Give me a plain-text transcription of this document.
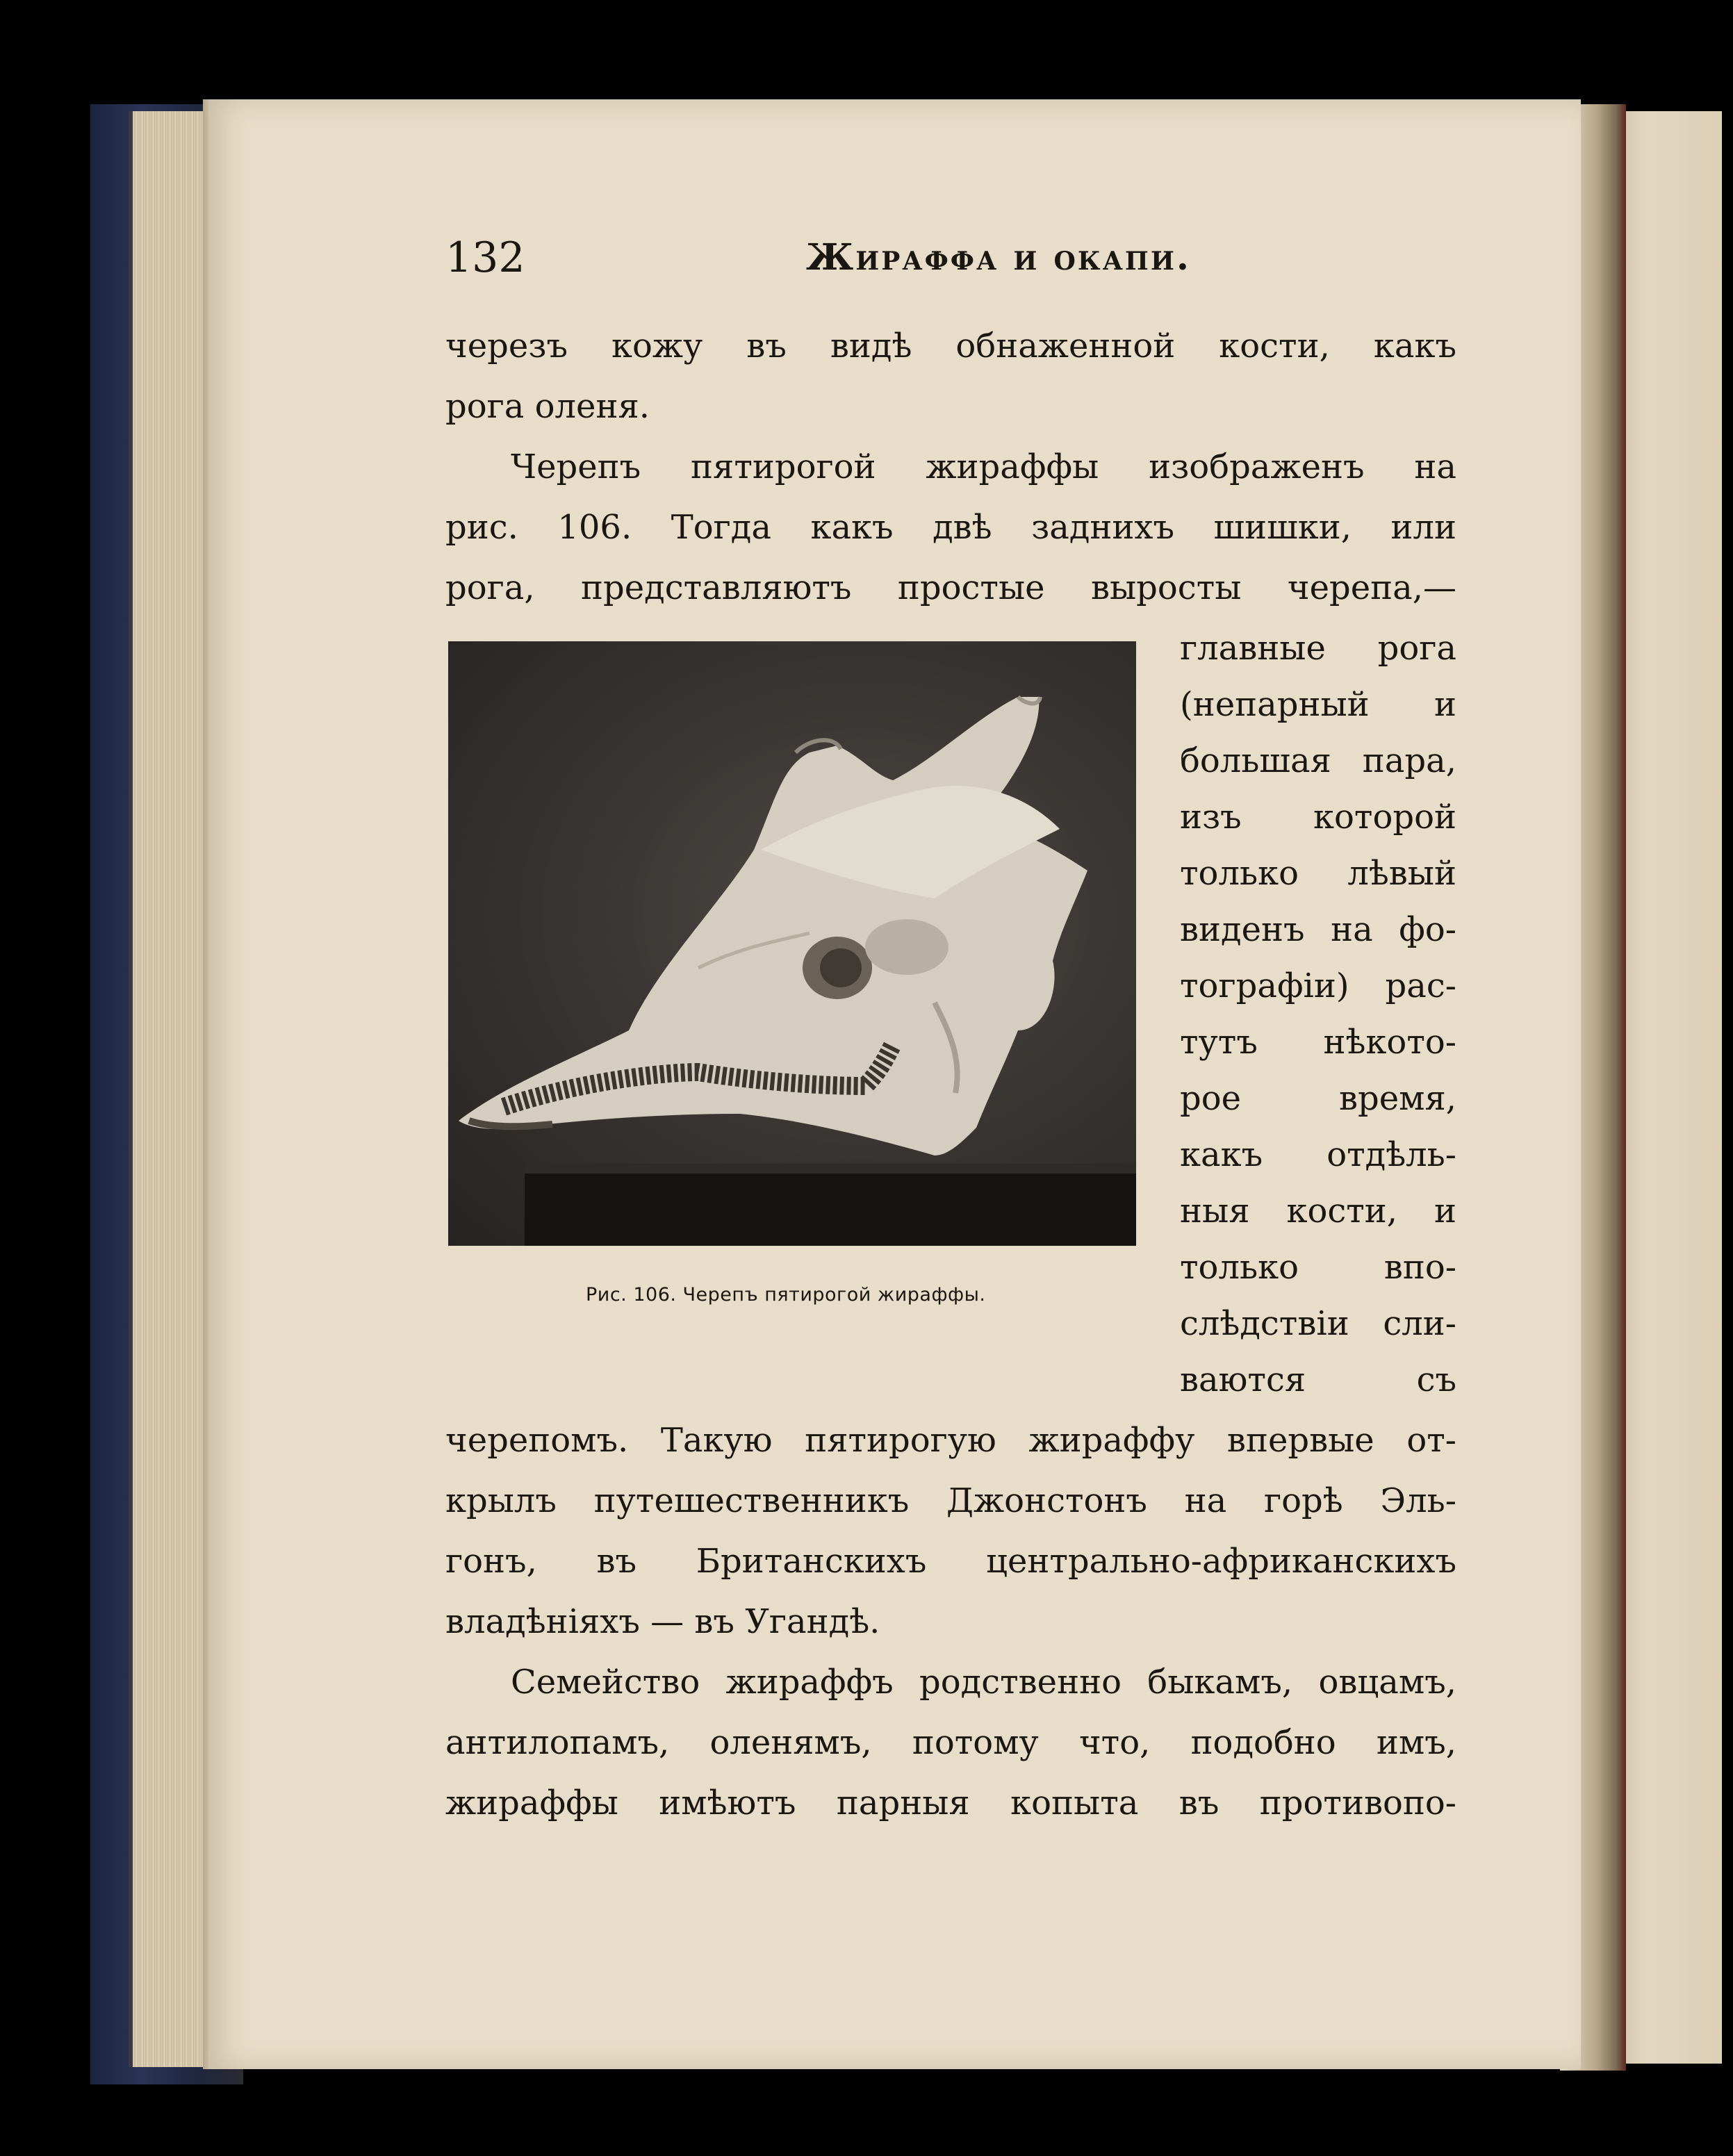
132	Жираффа и окапи.
черезъ кожу въ видѣ обнаженной кости, какъ
рога оленя.
Черепъ пятирогой жираффы изображенъ на
рис. 106. Тогда какъ двѣ заднихъ шишки, или
рога, представляютъ простые выросты черепа,—
Рис. 106. Черепъ пятирогой жираффы.
главные рога
(непарный и
большая пара,
изъ которой
только лѣвый
виденъ на фо-
тографіи) рас-
тутъ нѣкото-
рое время,
какъ отдѣль-
ныя кости, и
только впо-
слѣдствіи сли-
ваются съ
черепомъ. Такую пятирогую жираффу впервые от-
крылъ путешественникъ Джонстонъ на горѣ Эль-
гонъ, въ Британскихъ центрально-африканскихъ
владѣніяхъ — въ Угандѣ.
Семейство жираффъ родственно быкамъ, овцамъ,
антилопамъ, оленямъ, потому что, подобно имъ,
жираффы имѣютъ парныя копыта въ противопо-
